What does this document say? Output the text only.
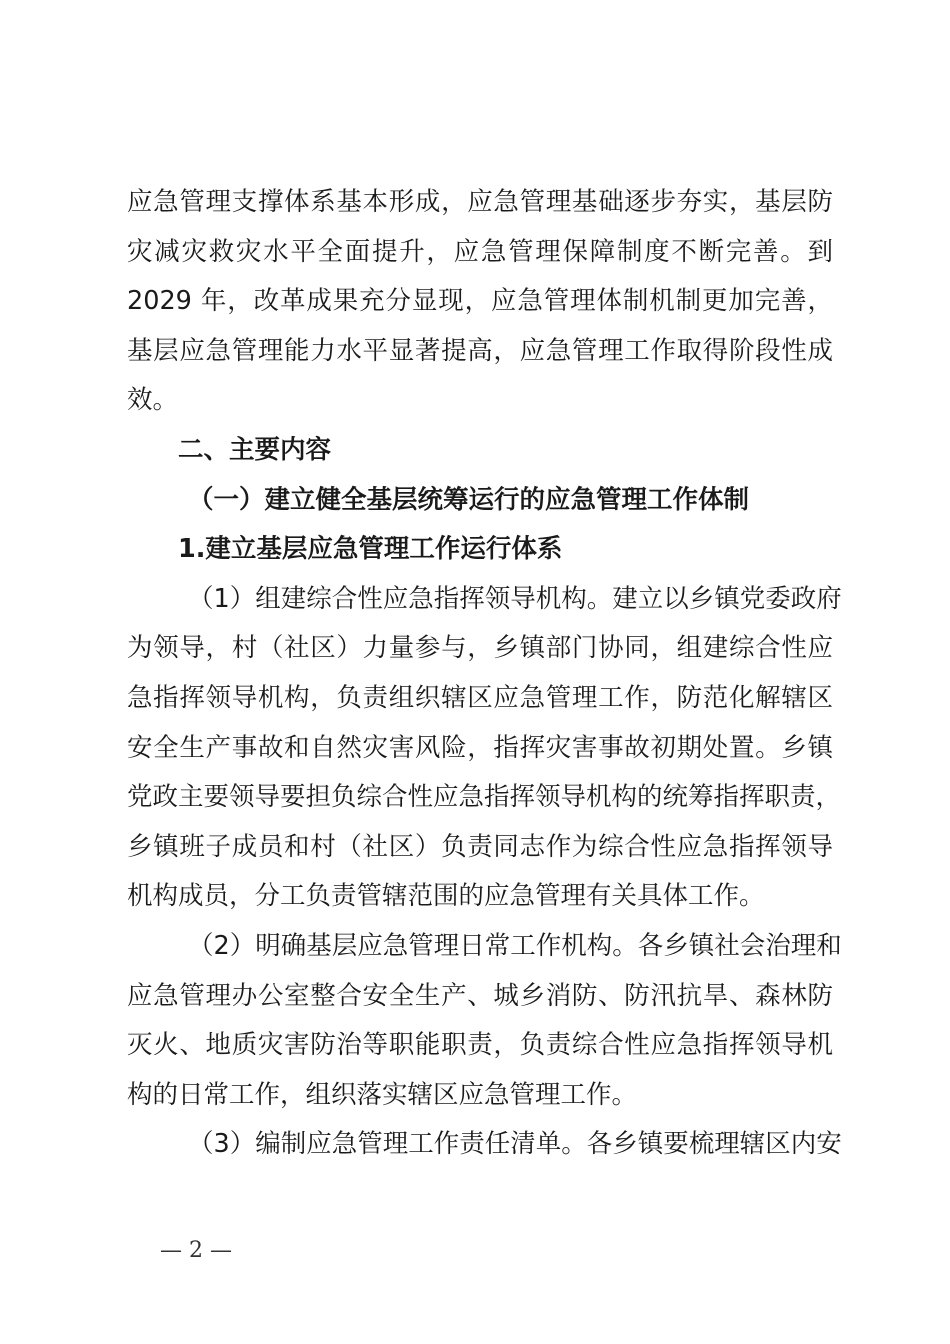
应急管理支撑体系基本形成，应急管理基础逐步夯实，基层防
灾减灾救灾水平全面提升，应急管理保障制度不断完善。到
2029 年，改革成果充分显现，应急管理体制机制更加完善，
基层应急管理能力水平显著提高，应急管理工作取得阶段性成
效。
二、主要内容
（一）建立健全基层统筹运行的应急管理工作体制
1.建立基层应急管理工作运行体系
（1）组建综合性应急指挥领导机构。建立以乡镇党委政府
为领导，村（社区）力量参与，乡镇部门协同，组建综合性应
急指挥领导机构，负责组织辖区应急管理工作，防范化解辖区
安全生产事故和自然灾害风险，指挥灾害事故初期处置。乡镇
党政主要领导要担负综合性应急指挥领导机构的统筹指挥职责，
乡镇班子成员和村（社区）负责同志作为综合性应急指挥领导
机构成员，分工负责管辖范围的应急管理有关具体工作。
（2）明确基层应急管理日常工作机构。各乡镇社会治理和
应急管理办公室整合安全生产、城乡消防、防汛抗旱、森林防
灭火、地质灾害防治等职能职责，负责综合性应急指挥领导机
构的日常工作，组织落实辖区应急管理工作。
（3）编制应急管理工作责任清单。各乡镇要梳理辖区内安
— 2 —
